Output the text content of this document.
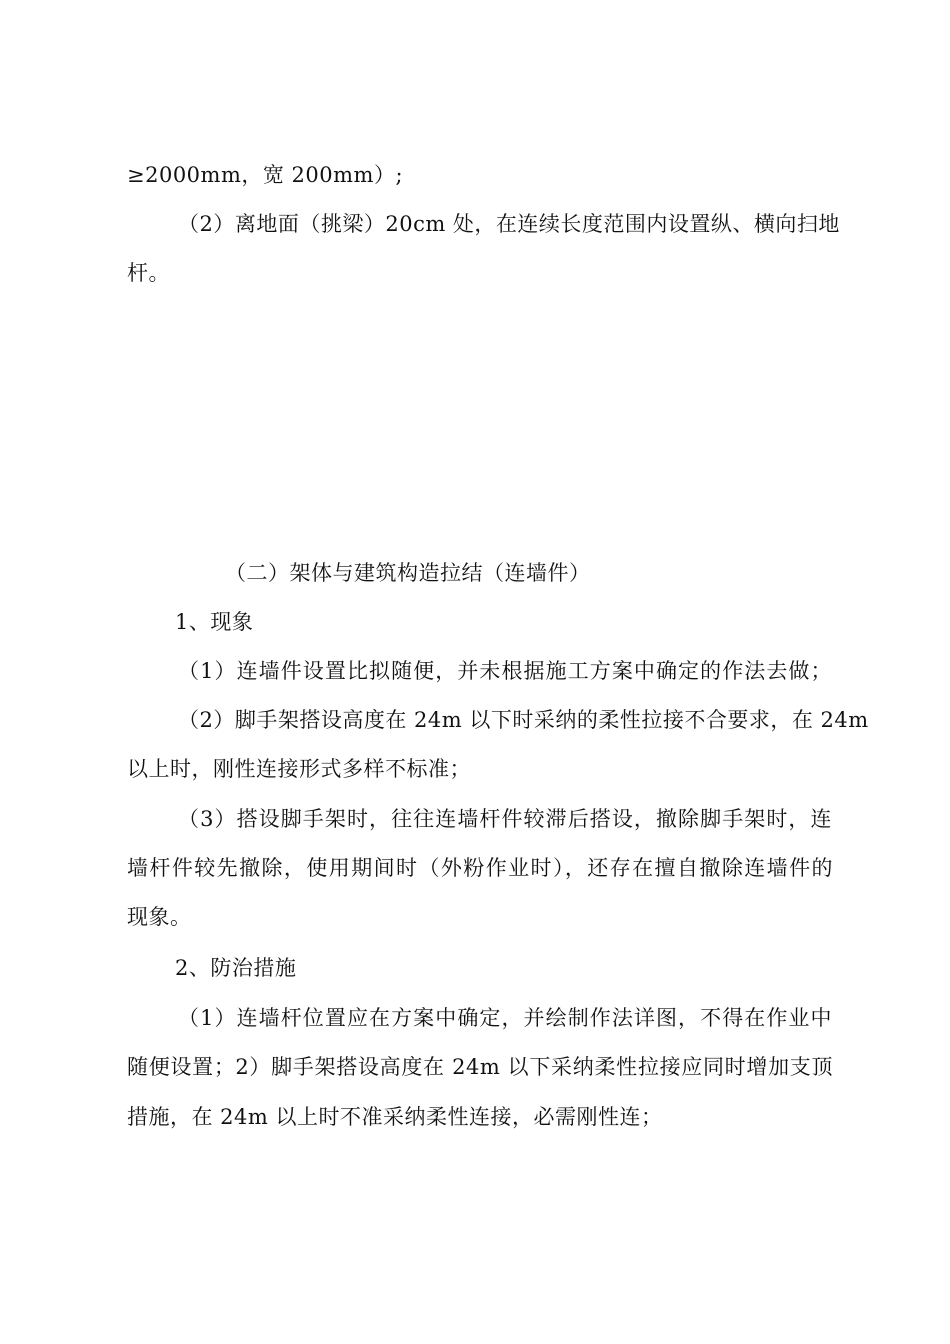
≥2000mm，宽 200mm）;
（2）离地面（挑梁）20cm 处，在连续长度范围内设置纵、横向扫地
杆。
（二）架体与建筑构造拉结（连墙件）
1、现象
（1）连墙件设置比拟随便，并未根据施工方案中确定的作法去做；
（2）脚手架搭设高度在 24m 以下时采纳的柔性拉接不合要求，在 24m
以上时，刚性连接形式多样不标准；
（3）搭设脚手架时，往往连墙杆件较滞后搭设，撤除脚手架时，连
墙杆件较先撤除，使用期间时（外粉作业时），还存在擅自撤除连墙件的
现象。
2、防治措施
（1）连墙杆位置应在方案中确定，并绘制作法详图，不得在作业中
随便设置；2）脚手架搭设高度在 24m 以下采纳柔性拉接应同时增加支顶
措施，在 24m 以上时不准采纳柔性连接，必需刚性连；
